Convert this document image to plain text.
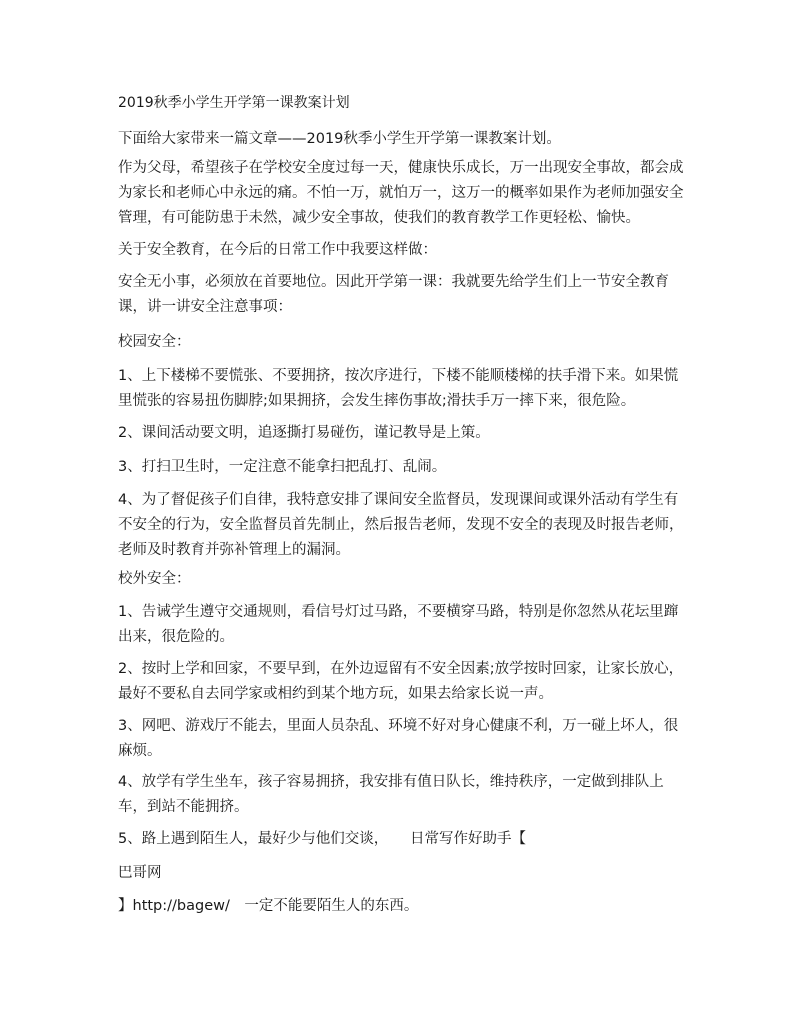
2019秋季小学生开学第一课教案计划
下面给大家带来一篇文章——2019秋季小学生开学第一课教案计划。
作为父母，希望孩子在学校安全度过每一天，健康快乐成长，万一出现安全事故，都会成为家长和老师心中永远的痛。不怕一万，就怕万一，这万一的概率如果作为老师加强安全管理，有可能防患于未然，减少安全事故，使我们的教育教学工作更轻松、愉快。
关于安全教育，在今后的日常工作中我要这样做：
安全无小事，必须放在首要地位。因此开学第一课：我就要先给学生们上一节安全教育课，讲一讲安全注意事项：
校园安全：
1、上下楼梯不要慌张、不要拥挤，按次序进行，下楼不能顺楼梯的扶手滑下来。如果慌里慌张的容易扭伤脚脖;如果拥挤，会发生摔伤事故;滑扶手万一摔下来，很危险。
2、课间活动要文明，追逐撕打易碰伤，谨记教导是上策。
3、打扫卫生时，一定注意不能拿扫把乱打、乱闹。
4、为了督促孩子们自律，我特意安排了课间安全监督员，发现课间或课外活动有学生有不安全的行为，安全监督员首先制止，然后报告老师，发现不安全的表现及时报告老师，老师及时教育并弥补管理上的漏洞。
校外安全：
1、告诫学生遵守交通规则，看信号灯过马路，不要横穿马路，特别是你忽然从花坛里蹿出来，很危险的。
2、按时上学和回家，不要早到，在外边逗留有不安全因素;放学按时回家，让家长放心，最好不要私自去同学家或相约到某个地方玩，如果去给家长说一声。
3、网吧、游戏厅不能去，里面人员杂乱、环境不好对身心健康不利，万一碰上坏人，很麻烦。
4、放学有学生坐车，孩子容易拥挤，我安排有值日队长，维持秩序，一定做到排队上车，到站不能拥挤。
5、路上遇到陌生人，最好少与他们交谈，　　日常写作好助手【
巴哥网
】http://bagew/　一定不能要陌生人的东西。
